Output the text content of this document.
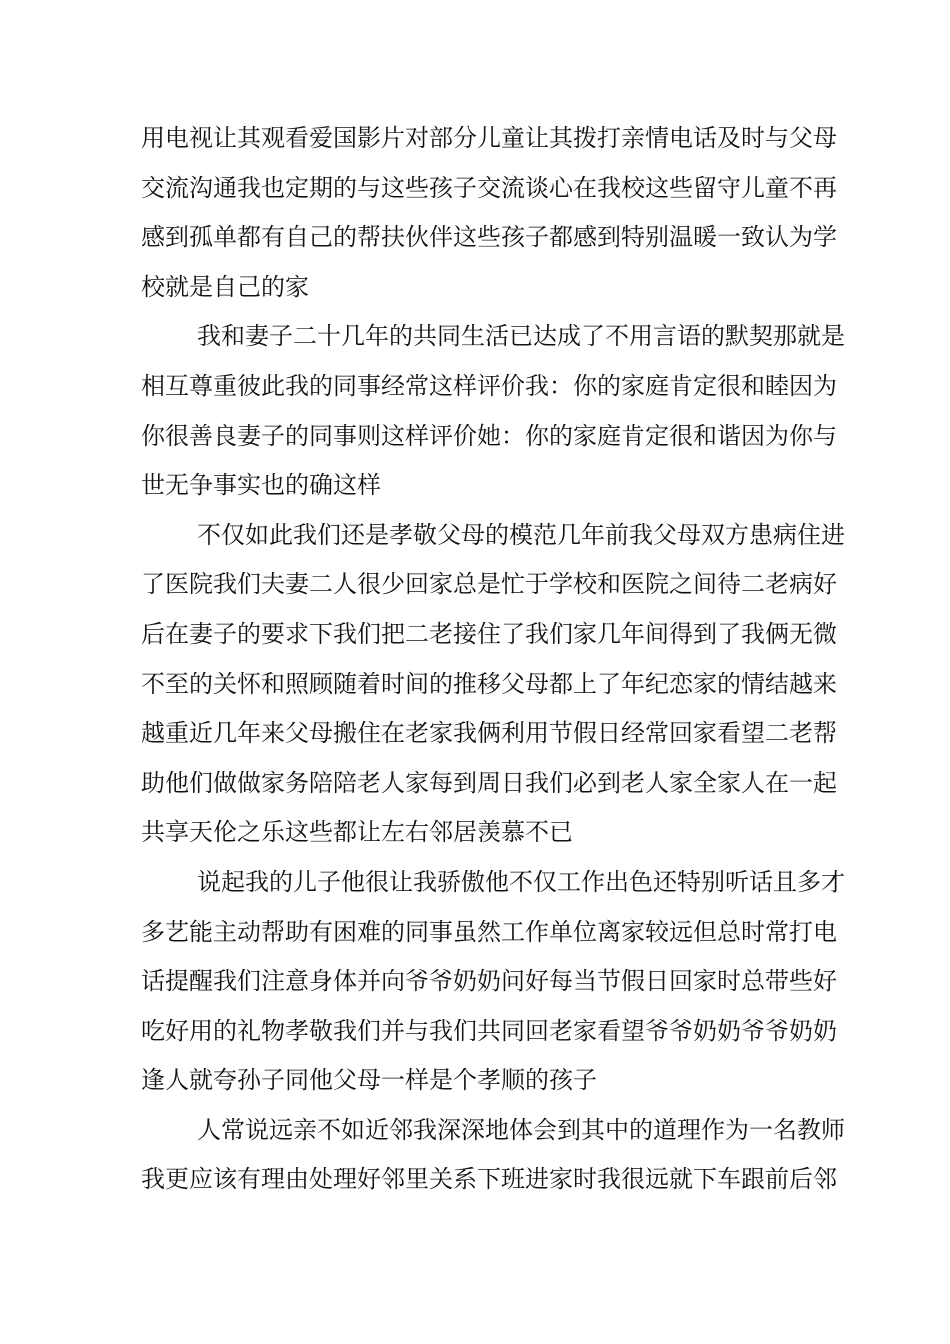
用电视让其观看爱国影片对部分儿童让其拨打亲情电话及时与父母
交流沟通我也定期的与这些孩子交流谈心在我校这些留守儿童不再
感到孤单都有自己的帮扶伙伴这些孩子都感到特别温暖一致认为学
校就是自己的家
我和妻子二十几年的共同生活已达成了不用言语的默契那就是
相互尊重彼此我的同事经常这样评价我：你的家庭肯定很和睦因为
你很善良妻子的同事则这样评价她：你的家庭肯定很和谐因为你与
世无争事实也的确这样
不仅如此我们还是孝敬父母的模范几年前我父母双方患病住进
了医院我们夫妻二人很少回家总是忙于学校和医院之间待二老病好
后在妻子的要求下我们把二老接住了我们家几年间得到了我俩无微
不至的关怀和照顾随着时间的推移父母都上了年纪恋家的情结越来
越重近几年来父母搬住在老家我俩利用节假日经常回家看望二老帮
助他们做做家务陪陪老人家每到周日我们必到老人家全家人在一起
共享天伦之乐这些都让左右邻居羡慕不已
说起我的儿子他很让我骄傲他不仅工作出色还特别听话且多才
多艺能主动帮助有困难的同事虽然工作单位离家较远但总时常打电
话提醒我们注意身体并向爷爷奶奶问好每当节假日回家时总带些好
吃好用的礼物孝敬我们并与我们共同回老家看望爷爷奶奶爷爷奶奶
逢人就夸孙子同他父母一样是个孝顺的孩子
人常说远亲不如近邻我深深地体会到其中的道理作为一名教师
我更应该有理由处理好邻里关系下班进家时我很远就下车跟前后邻
